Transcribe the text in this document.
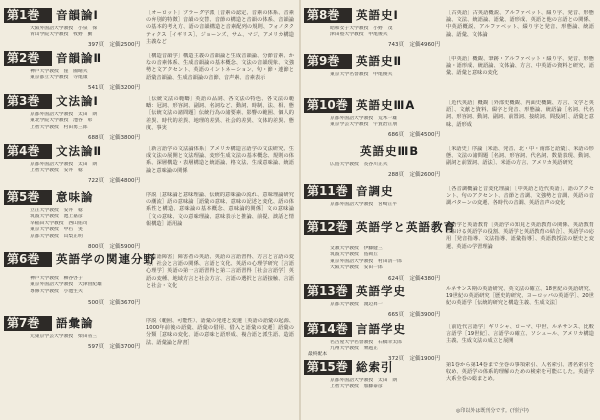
第1巻 音韻論Ⅰ
大阪外国語大学教授　小泉　保
青山学院大学教授　牧野　勤
397頁　定価2500円
［オーロット］プラーグ学派［音素の認定、音素の体系、音素の弁別的特徴］音韻の交替、音節の構造と音韻の体系、音韻論の基本的考え方、語の音韻構造と音素配列の規則、フォノタクティクス［イギリス］、ジョーンズ、サム、マジ、アメリカ構造主義など
第2巻 音韻論Ⅱ
神戸大学教授　窪　薗晴夫
東京都立大学教授　寺尾康
541頁　定価3200円
［構造音韻学］構造主義の音韻論と生成音韻論、分節音素、かなの音素体系、生成音韻論の基本概念、文法の音韻現象、文強勢と文アクセント、英語のイントネーション、句・節・連節と語彙音韻論、生成音韻論の音節、音声素、音素表示
第3巻 文法論Ⅰ
京都外国語大学教授　太田　朗
東北学院大学教授　池谷　彰
上智大学教授　村田勇三郎
688頁　定価3800円
［伝統文法の範疇］英語の品詞、各文法の特色、各文法の範疇：冠詞、形容詞、副詞、名詞など、動詞、時制、法、相、態［伝統文法の諸問題］伝統行為の諸要素、影響の範囲、個人的差異、時代的差異、地理的差異、社会的差異、文体的差異、態度、事実
第4巻 文法論Ⅱ
京都外国語大学教授　太田　朗
上智大学教授　安井　稔
722頁　定価4800円
［新言語学の文法論体系］アメリカ構造言語学の文法研究、生成文法の展開と文法理論、変形生成文法の基本概念、規則の体系、深層構造・表層構造と統語論、格文法、生成意味論、統語論と意味論の関係
第5巻 意味論
立正大学教授　安井　稔
筑波大学教授　池上嘉彦
早稲田大学教授　西山佑司
東京大学教授　中右　実
京都大学教授　山梨正明
800頁　定価5900円
序説［意味論と意味理論、伝統的意味論の流れ、意味理論研究の潮流］語の意味論［語彙の意味、意味の記述と変化、語の体系性と構造、意味論の基本概念、意味論的関係］文の意味論［文の意味、文の意味理論、意味表示と推論、前提、談話と情報構造］語用論
第6巻 英語学の関連分野
神戸大学教授　柳谷啓子
東京外国語大学教授　大津由紀雄
専修大学教授　小池生夫
500頁　定価3670円
［言語障害］障害者の英語、英語の言語習得、方言と言語の変化、社会と言語の関係、言語と文化、英語の心理学研究［言語心理学］英語の第一言語習得と第二言語習得［社会言語学］英語の変種、地域方言と社会方言、言語の選択と言語接触、言語と社会・文化
第7巻 語彙論
元東京学芸大学教授　柴田省三
597頁　定価3700円
序説（範囲、可能性）、語彙の発達と変遷［英語の語彙の起源、1000年前後の語彙、語彙の借用、借入と語彙の変遷］語彙の分類［意味の変化、語の意味と語形成、複合語と派生語、造語法、語彙論と辞書］
第8巻 英語史Ⅰ
昭和女子大学教授　小野　茂
津田塾大学教授　中尾俊夫
743頁　定価4960円
［古英語］古英語概説、アルファベット、綴り字、発音、形態論、文法、統語論、語彙、語形成、英語と他の言語との関係、中英語概説、アルファベット、綴り字と発音、形態論、統語論、語彙、文体論
第9巻 英語史Ⅱ
東京大学名誉教授　中尾俊夫
［中英語］概観、筆跡・アルファベット・綴り字、発音、形態論・語形成、統語論、文体論、方言、中英語の資料と研究、語彙、語彙と意味の変化
第10巻 英語史ⅢA
京都外国語大学教授　荒木一雄
東京学芸大学教授　宇賀治正朋
686頁　定価4500円
［近代英語］概観［外部史概観、内面史概観、方言、文学と英語］、文献と資料、綴字と発音、形態論、統語論［名詞、代名詞、形容詞、動詞、副詞、前置詞、接続詞、間投詞］、語彙と意味、語形成
英語史ⅢB
広島大学教授　長谷川正夫
288頁　定価2600円
［米語史］序論［米語、発音、北・中・南部と語彙］、米語の形態、文法の諸問題［名詞、形容詞、代名詞、数量表現、動詞、副詞と前置詞、語法］、米語の方言、アメリカ英語研究
第11巻 音調史
京都外国語大学教授　宮崎正平
［各音調概論と音変化理論］［中英語と近代英語］、語のアクセント、句のアクセント、音節と音調、文強勢と音調、英語の音調パターンの変遷、各時代の音調、英語音声の変化
第12巻 英語学と英語教育
文教大学教授　伊藤健三
筑波大学教授　島岡丘
東京外国語大学教授　村田清一郎
大阪大学教授　安田一郎
624頁　定価4380円
英語学と英語教育［英語学の知見と英語教育の関係、英語教育における英語学の役割、英語学と英語教育の結合］、英語学の応用［発音指導、文法指導、語彙指導］、英語教授法の歴史と変遷、英語の学習理論
第13巻 英語学史
京都大学教授　渡辺昇一
665頁　定価3900円
ルネサンス期の英語研究、英文法の確立、18世紀の英語研究、19世紀の英語研究［歴史的研究、ヨーロッパの英語学］、20世紀の英語学［伝統的研究と構造主義、生成文法］
第14巻 言語学史
名古屋大学名誉教授　石橋幸太郎
九州大学教授　乗越正
372頁　定価1900円
［前近代言語学］ギリシャ、ローマ、中世、ルネサンス、比較言語学［19世紀］、言語学の確立、ソシュール、アメリカ構造主義、生成文法の成立と展開
第15巻 総索引
最終配本
京都外国語大学教授　太田　朗
上智大学教授　加藤泰彦
第1巻から第14巻まで全巻の事項索引、人名索引、書名索引を収め、英語学の体系的理解のための検索を可能にした。英語学大系全巻の総まとめ。
◎印以外は既刊分です。(刊行中)
